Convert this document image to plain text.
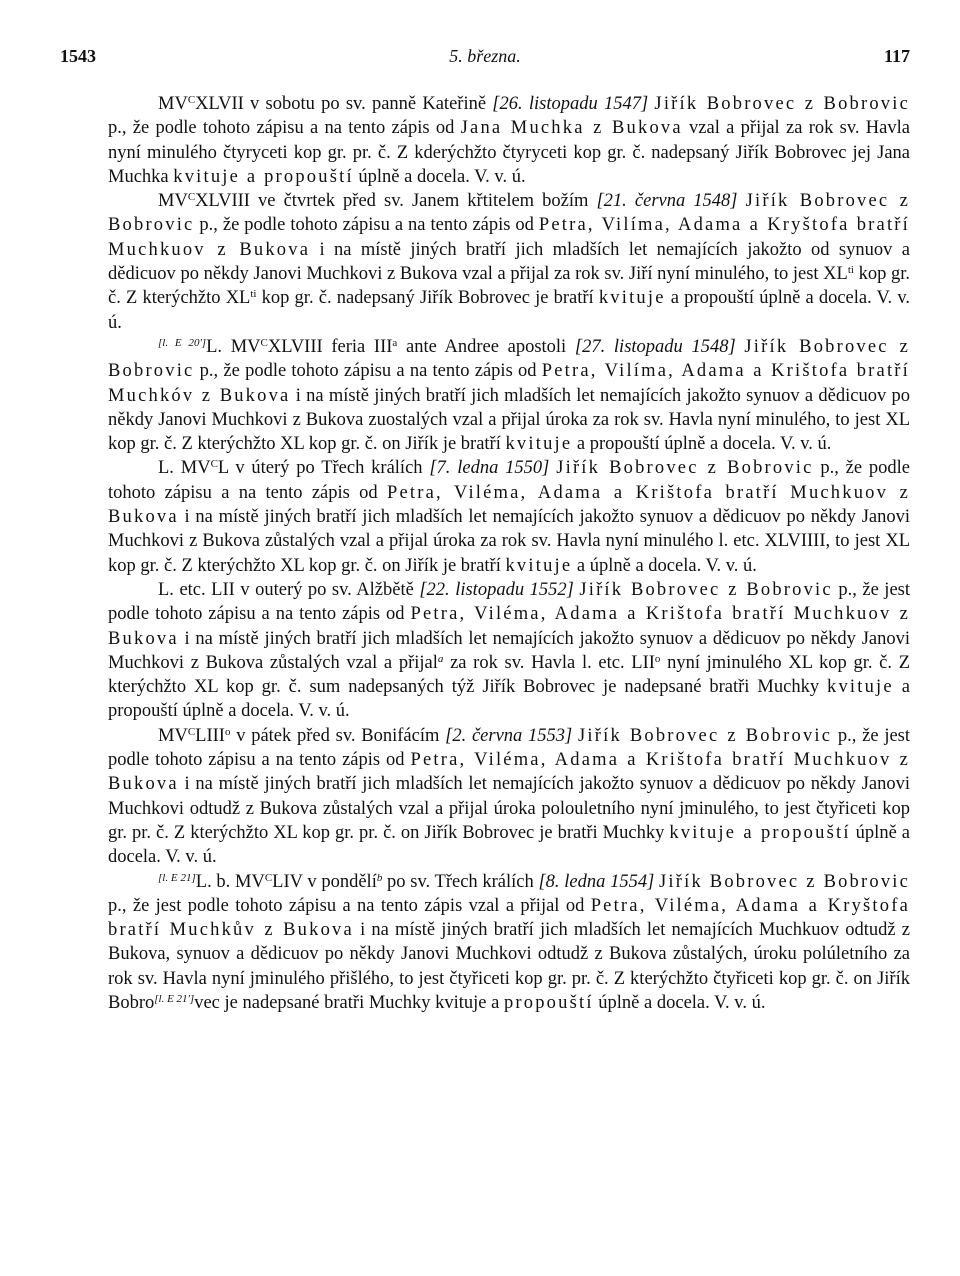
1543	5. března.	117

$MV^CXLVII$ v sobotu po sv. panně Kateřině [26. listopadu 1547] Jiřík Bobrovec z Bobrovic p., že podle tohoto zápisu a na tento zápis od Jana Muchka z Bukova vzal a přijal za rok sv. Havla nyní minulého čtyryceti kop gr. pr. č. Z kderýchžto čtyryceti kop gr. č. nadepsaný Jiřík Bobrovec jej Jana Muchka kvituje a propouští úplně a docela. V. v. ú.

$MV^CXLVIII$ ve čtvrtek před sv. Janem křtitelem božím [21. června 1548] Jiřík Bobrovec z Bobrovic p., že podle tohoto zápisu a na tento zápis od Petra, Vilíma, Adama a Kryštofa bratří Muchkuov z Bukova i na místě jiných bratří jich mladších let nemajících jakožto od synuov a dědicuov po někdy Janovi Muchkovi z Bukova vzal a přijal za rok sv. Jiří nyní minulého, to jest $XL^{ti}$ kop gr. č. Z kterýchžto $XL^{ti}$ kop gr. č. nadepsaný Jiřík Bobrovec je bratří kvituje a propouští úplně a docela. V. v. ú.

[l. E 20']L. $MV^CXLVIII$ feria III$^a$ ante Andree apostoli [27. listopadu 1548] Jiřík Bobrovec z Bobrovic p., že podle tohoto zápisu a na tento zápis od Petra, Vilíma, Adama a Krištofa bratří Muchkóv z Bukova i na místě jiných bratří jich mladších let nemajících jakožto synuov a dědicuov po někdy Janovi Muchkovi z Bukova zuostalých vzal a přijal úroka za rok sv. Havla nyní minulého, to jest XL kop gr. č. Z kterýchžto XL kop gr. č. on Jiřík je bratří kvituje a propouští úplně a docela. V. v. ú.

L. $MV^CL$ v úterý po Třech králích [7. ledna 1550] Jiřík Bobrovec z Bobrovic p., že podle tohoto zápisu a na tento zápis od Petra, Viléma, Adama a Krištofa bratří Muchkuov z Bukova i na místě jiných bratří jich mladších let nemajících jakožto synuov a dědicuov po někdy Janovi Muchkovi z Bukova zůstalých vzal a přijal úroka za rok sv. Havla nyní minulého l. etc. XLVIIII, to jest XL kop gr. č. Z kterýchžto XL kop gr. č. on Jiřík je bratří kvituje a úplně a docela. V. v. ú.

L. etc. LII v outerý po sv. Alžbětě [22. listopadu 1552] Jiřík Bobrovec z Bobrovic p., že jest podle tohoto zápisu a na tento zápis od Petra, Viléma, Adama a Krištofa bratří Muchkuov z Bukova i na místě jiných bratří jich mladších let nemajících jakožto synuov a dědicuov po někdy Janovi Muchkovi z Bukova zůstalých vzal a přijal$^a$ za rok sv. Havla l. etc. LII$^o$ nyní jminulého XL kop gr. č. Z kterýchžto XL kop gr. č. sum nadepsaných týž Jiřík Bobrovec je nadepsané bratři Muchky kvituje a propouští úplně a docela. V. v. ú.

$MV^CLIII^o$ v pátek před sv. Bonifácím [2. června 1553] Jiřík Bobrovec z Bobrovic p., že jest podle tohoto zápisu a na tento zápis od Petra, Viléma, Adama a Krištofa bratří Muchkuov z Bukova i na místě jiných bratří jich mladších let nemajících jakožto synuov a dědicuov po někdy Janovi Muchkovi odtudž z Bukova zůstalých vzal a přijal úroka polouletního nyní jminulého, to jest čtyřiceti kop gr. pr. č. Z kterýchžto XL kop gr. pr. č. on Jiřík Bobrovec je bratři Muchky kvituje a propouští úplně a docela. V. v. ú.

[l. E 21]L. b. $MV^CLIV$ v pondělí$^b$ po sv. Třech králích [8. ledna 1554] Jiřík Bobrovec z Bobrovic p., že jest podle tohoto zápisu a na tento zápis vzal a přijal od Petra, Viléma, Adama a Kryštofa bratří Muchkův z Bukova i na místě jiných bratří jich mladších let nemajících Muchkuov odtudž z Bukova, synuov a dědicuov po někdy Janovi Muchkovi odtudž z Bukova zůstalých, úroku polúletního za rok sv. Havla nyní jminulého přišlého, to jest čtyřiceti kop gr. pr. č. Z kterýchžto čtyřiceti kop gr. č. on Jiřík Bobro[l. E 21']vec je nadepsané bratři Muchky kvituje a propouští úplně a docela. V. v. ú.
